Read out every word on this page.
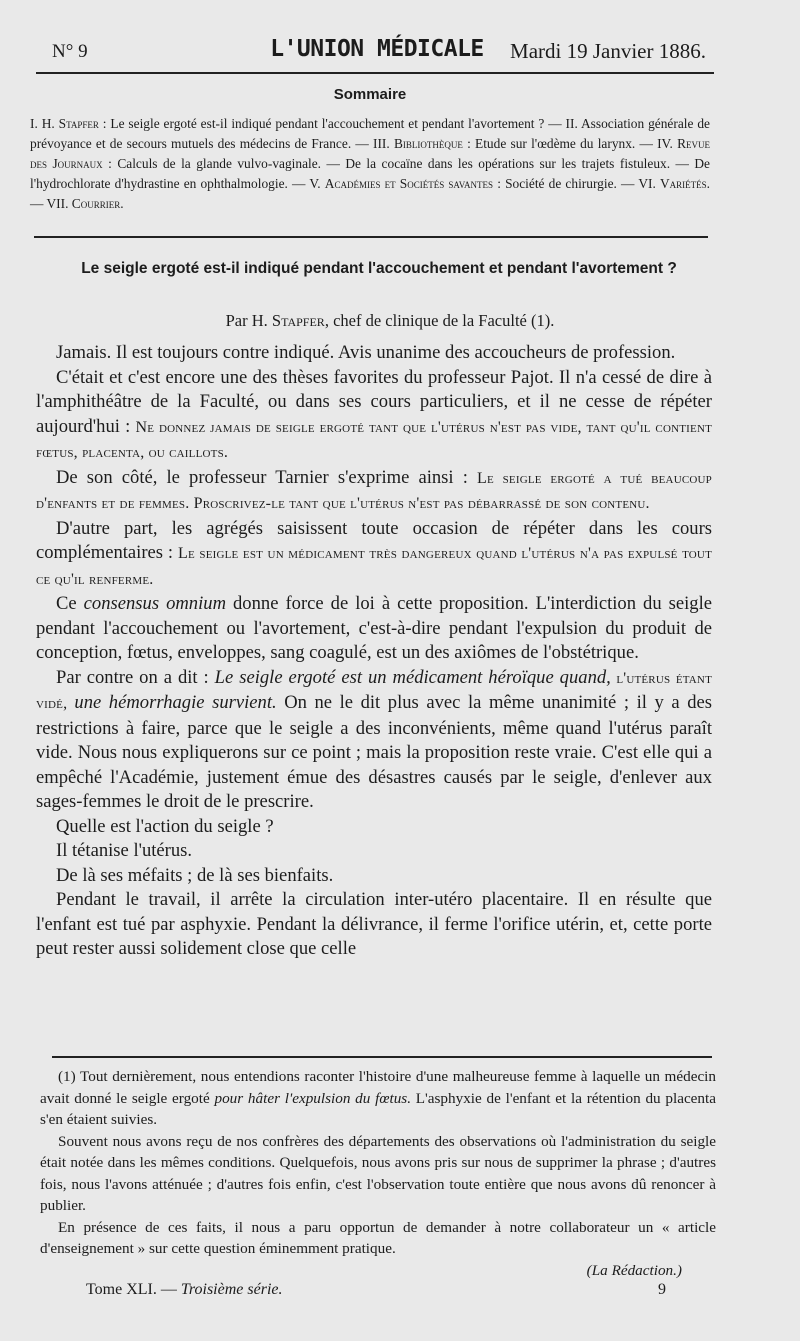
N° 9	L'UNION MÉDICALE	Mardi 19 Janvier 1886.
Sommaire
I. H. Stapfer : Le seigle ergoté est-il indiqué pendant l'accouchement et pendant l'avortement ? — II. Association générale de prévoyance et de secours mutuels des médecins de France. — III. Bibliothèque : Etude sur l'œdème du larynx. — IV. Revue des Journaux : Calculs de la glande vulvo-vaginale. — De la cocaïne dans les opérations sur les trajets fistuleux. — De l'hydrochlorate d'hydrastine en ophthalmologie. — V. Académies et Sociétés savantes : Société de chirurgie. — VI. Variétés. — VII. Courrier.
Le seigle ergoté est-il indiqué pendant l'accouchement et pendant l'avortement ?
Par H. Stapfer, chef de clinique de la Faculté (1).

Jamais. Il est toujours contre indiqué. Avis unanime des accoucheurs de profession.

C'était et c'est encore une des thèses favorites du professeur Pajot. Il n'a cessé de dire à l'amphithéâtre de la Faculté, ou dans ses cours particuliers, et il ne cesse de répéter aujourd'hui : Ne donnez jamais de seigle ergoté tant que l'utérus n'est pas vide, tant qu'il contient fœtus, placenta, ou caillots.

De son côté, le professeur Tarnier s'exprime ainsi : Le seigle ergoté a tué beaucoup d'enfants et de femmes. Proscrivez-le tant que l'utérus n'est pas débarrassé de son contenu.

D'autre part, les agrégés saisissent toute occasion de répéter dans les cours complémentaires : Le seigle est un médicament très dangereux quand l'utérus n'a pas expulsé tout ce qu'il renferme.

Ce consensus omnium donne force de loi à cette proposition. L'interdiction du seigle pendant l'accouchement ou l'avortement, c'est-à-dire pendant l'expulsion du produit de conception, fœtus, enveloppes, sang coagulé, est un des axiômes de l'obstétrique.

Par contre on a dit : Le seigle ergoté est un médicament héroïque quand, l'utérus étant vidé, une hémorrhagie survient. On ne le dit plus avec la même unanimité ; il y a des restrictions à faire, parce que le seigle a des inconvénients, même quand l'utérus paraît vide. Nous nous expliquerons sur ce point ; mais la proposition reste vraie. C'est elle qui a empêché l'Académie, justement émue des désastres causés par le seigle, d'enlever aux sages-femmes le droit de le prescrire.

Quelle est l'action du seigle ?

Il tétanise l'utérus.

De là ses méfaits ; de là ses bienfaits.

Pendant le travail, il arrête la circulation inter-utéro placentaire. Il en résulte que l'enfant est tué par asphyxie. Pendant la délivrance, il ferme l'orifice utérin, et, cette porte peut rester aussi solidement close que celle

(1) Tout dernièrement, nous entendions raconter l'histoire d'une malheureuse femme à laquelle un médecin avait donné le seigle ergoté pour hâter l'expulsion du fœtus. L'asphyxie de l'enfant et la rétention du placenta s'en étaient suivies.

Souvent nous avons reçu de nos confrères des départements des observations où l'administration du seigle était notée dans les mêmes conditions. Quelquefois, nous avons pris sur nous de supprimer la phrase ; d'autres fois, nous l'avons atténuée ; d'autres fois enfin, c'est l'observation toute entière que nous avons dû renoncer à publier.

En présence de ces faits, il nous a paru opportun de demander à notre collaborateur un « article d'enseignement » sur cette question éminemment pratique.

(La Rédaction.)

Tome XLI. — Troisième série.	9
